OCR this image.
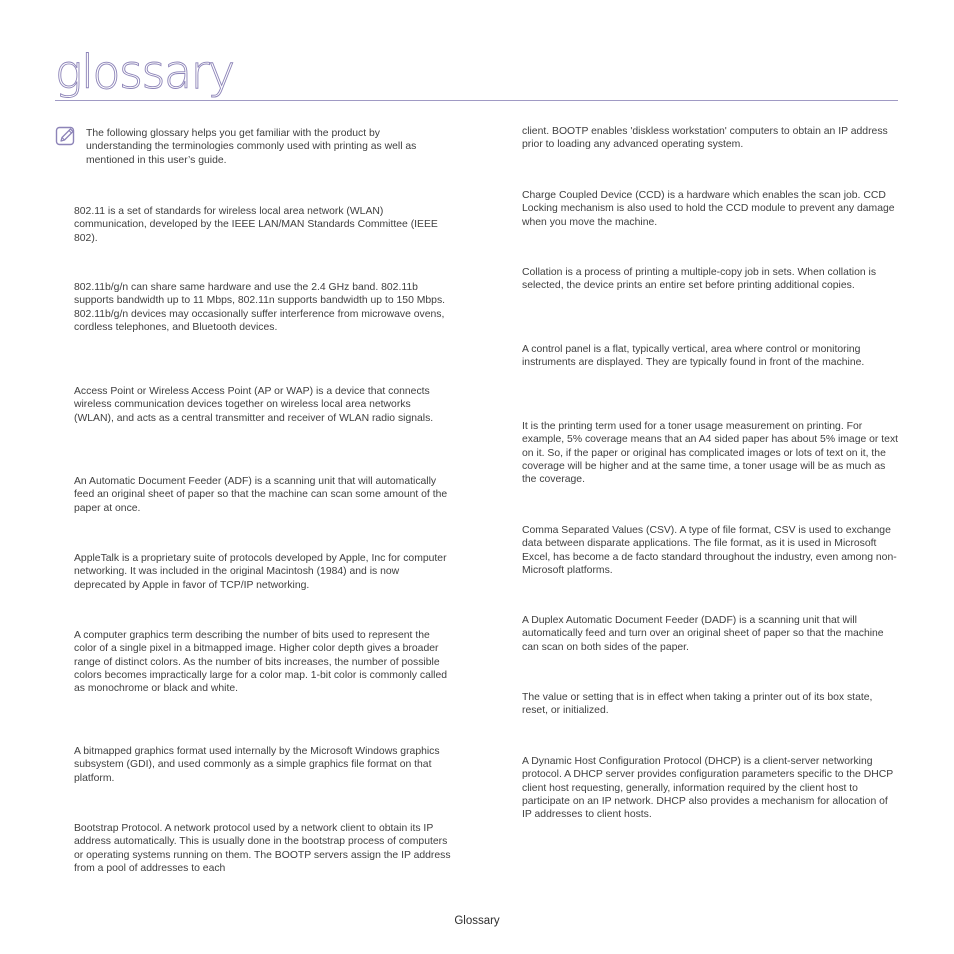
glossary

The following glossary helps you get familiar with the product by understanding the terminologies commonly used with printing as well as mentioned in this user’s guide.

802.11 is a set of standards for wireless local area network (WLAN) communication, developed by the IEEE LAN/MAN Standards Committee (IEEE 802).

802.11b/g/n can share same hardware and use the 2.4 GHz band. 802.11b supports bandwidth up to 11 Mbps, 802.11n supports bandwidth up to 150 Mbps. 802.11b/g/n devices may occasionally suffer interference from microwave ovens, cordless telephones, and Bluetooth devices.

Access Point or Wireless Access Point (AP or WAP) is a device that connects wireless communication devices together on wireless local area networks (WLAN), and acts as a central transmitter and receiver of WLAN radio signals.

An Automatic Document Feeder (ADF) is a scanning unit that will automatically feed an original sheet of paper so that the machine can scan some amount of the paper at once.

AppleTalk is a proprietary suite of protocols developed by Apple, Inc for computer networking. It was included in the original Macintosh (1984) and is now deprecated by Apple in favor of TCP/IP networking.

A computer graphics term describing the number of bits used to represent the color of a single pixel in a bitmapped image. Higher color depth gives a broader range of distinct colors. As the number of bits increases, the number of possible colors becomes impractically large for a color map. 1-bit color is commonly called as monochrome or black and white.

A bitmapped graphics format used internally by the Microsoft Windows graphics subsystem (GDI), and used commonly as a simple graphics file format on that platform.

Bootstrap Protocol. A network protocol used by a network client to obtain its IP address automatically. This is usually done in the bootstrap process of computers or operating systems running on them. The BOOTP servers assign the IP address from a pool of addresses to each

client. BOOTP enables 'diskless workstation' computers to obtain an IP address prior to loading any advanced operating system.

Charge Coupled Device (CCD) is a hardware which enables the scan job. CCD Locking mechanism is also used to hold the CCD module to prevent any damage when you move the machine.

Collation is a process of printing a multiple-copy job in sets. When collation is selected, the device prints an entire set before printing additional copies.

A control panel is a flat, typically vertical, area where control or monitoring instruments are displayed. They are typically found in front of the machine.

It is the printing term used for a toner usage measurement on printing. For example, 5% coverage means that an A4 sided paper has about 5% image or text on it. So, if the paper or original has complicated images or lots of text on it, the coverage will be higher and at the same time, a toner usage will be as much as the coverage.

Comma Separated Values (CSV). A type of file format, CSV is used to exchange data between disparate applications. The file format, as it is used in Microsoft Excel, has become a de facto standard throughout the industry, even among non-Microsoft platforms.

A Duplex Automatic Document Feeder (DADF) is a scanning unit that will automatically feed and turn over an original sheet of paper so that the machine can scan on both sides of the paper.

The value or setting that is in effect when taking a printer out of its box state, reset, or initialized.

A Dynamic Host Configuration Protocol (DHCP) is a client-server networking protocol. A DHCP server provides configuration parameters specific to the DHCP client host requesting, generally, information required by the client host to participate on an IP network. DHCP also provides a mechanism for allocation of IP addresses to client hosts.

Glossary
